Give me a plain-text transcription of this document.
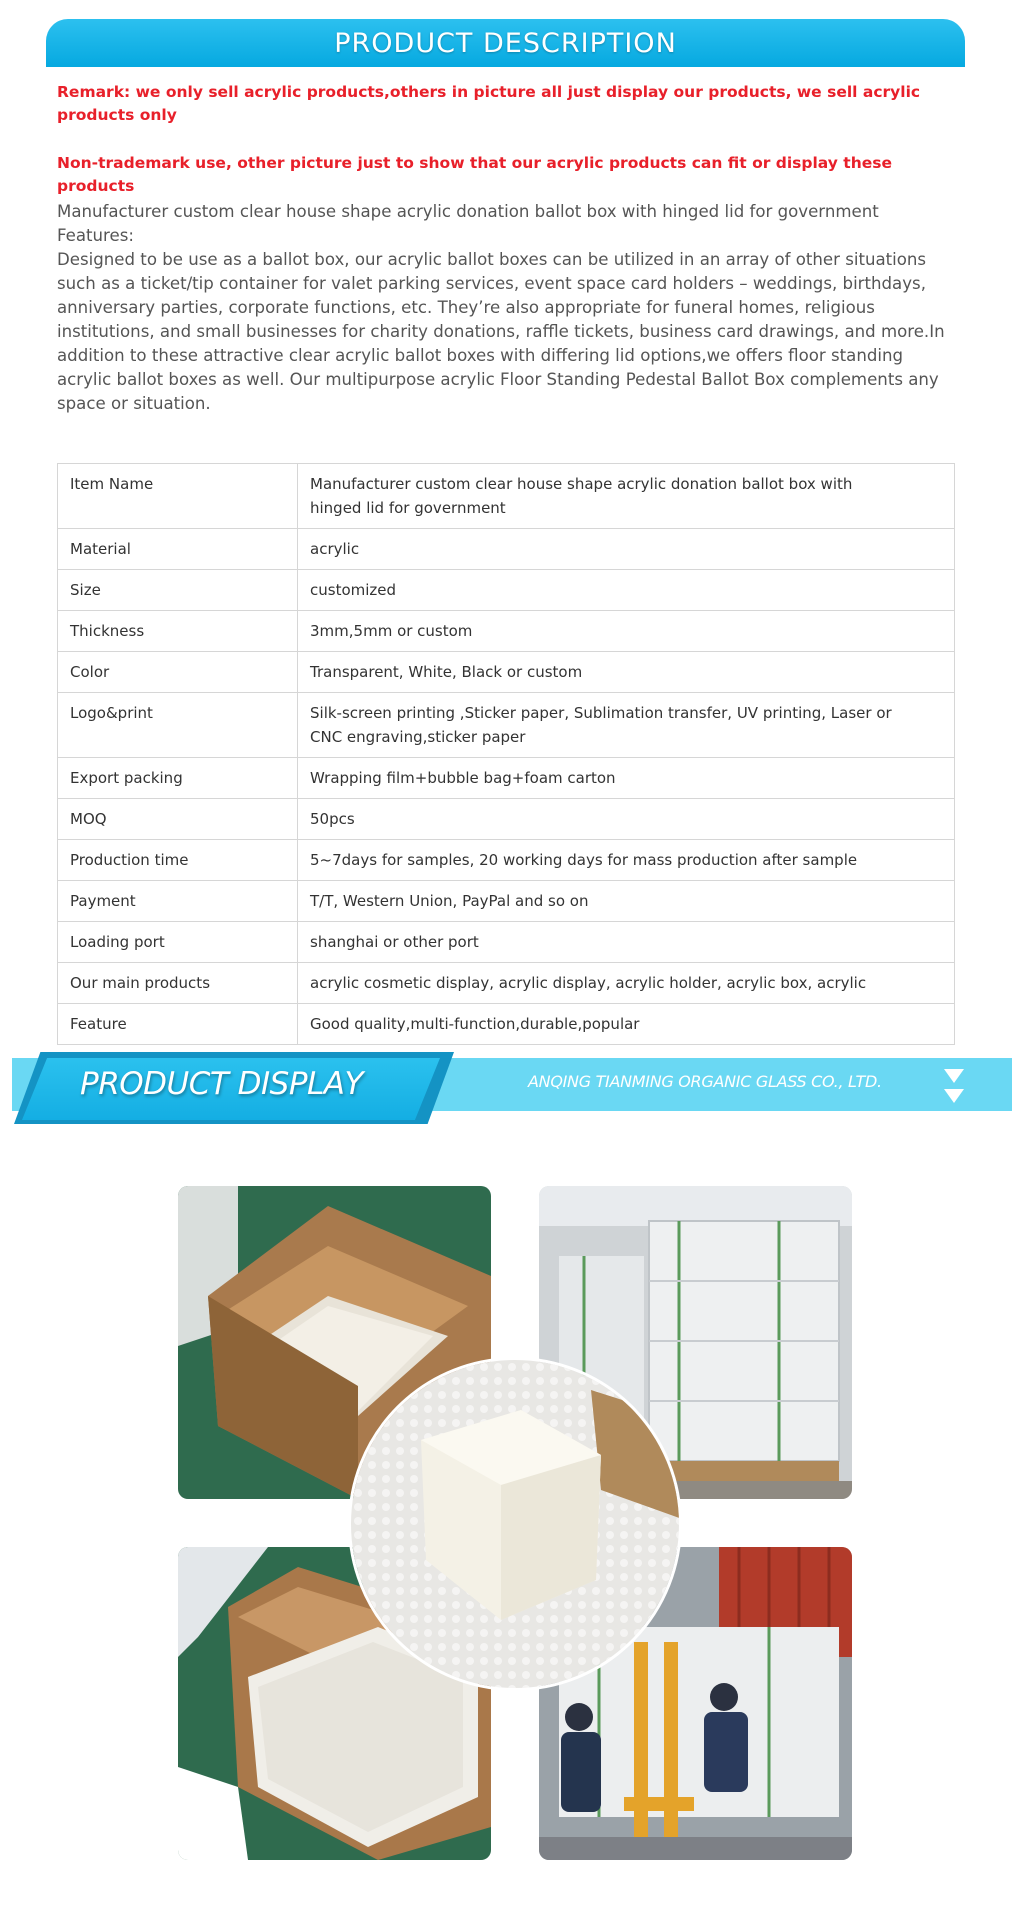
PRODUCT DESCRIPTION
Remark: we only sell acrylic products,others in picture all just display our products, we sell acrylic products only
Non-trademark use, other picture just to show that our acrylic products can fit or display these products

Manufacturer custom clear house shape acrylic donation ballot box with hinged lid for government

Features:

Designed to be use as a ballot box, our acrylic ballot boxes can be utilized in an array of other situations such as a ticket/tip container for valet parking services, event space card holders – weddings, birthdays, anniversary parties, corporate functions, etc. They’re also appropriate for funeral homes, religious institutions, and small businesses for charity donations, raffle tickets, business card drawings, and more.In addition to these attractive clear acrylic ballot boxes with differing lid options,we offers floor standing acrylic ballot boxes as well. Our multipurpose acrylic Floor Standing Pedestal Ballot Box complements any space or situation.

Item Name	Manufacturer custom clear house shape acrylic donation ballot box with hinged lid for government
Material	acrylic
Size	customized
Thickness	3mm,5mm or custom
Color	Transparent, White, Black or custom
Logo&print	Silk-screen printing ,Sticker paper, Sublimation transfer, UV printing, Laser or CNC engraving,sticker paper
Export packing	Wrapping film+bubble bag+foam carton
MOQ	50pcs
Production time	5~7days for samples, 20 working days for mass production after sample
Payment	T/T, Western Union, PayPal and so on
Loading port	shanghai or other port
Our main products	acrylic cosmetic display, acrylic display, acrylic holder, acrylic box, acrylic
Feature	Good quality,multi-function,durable,popular
PRODUCT DISPLAY	ANQING TIANMING ORGANIC GLASS CO., LTD.
